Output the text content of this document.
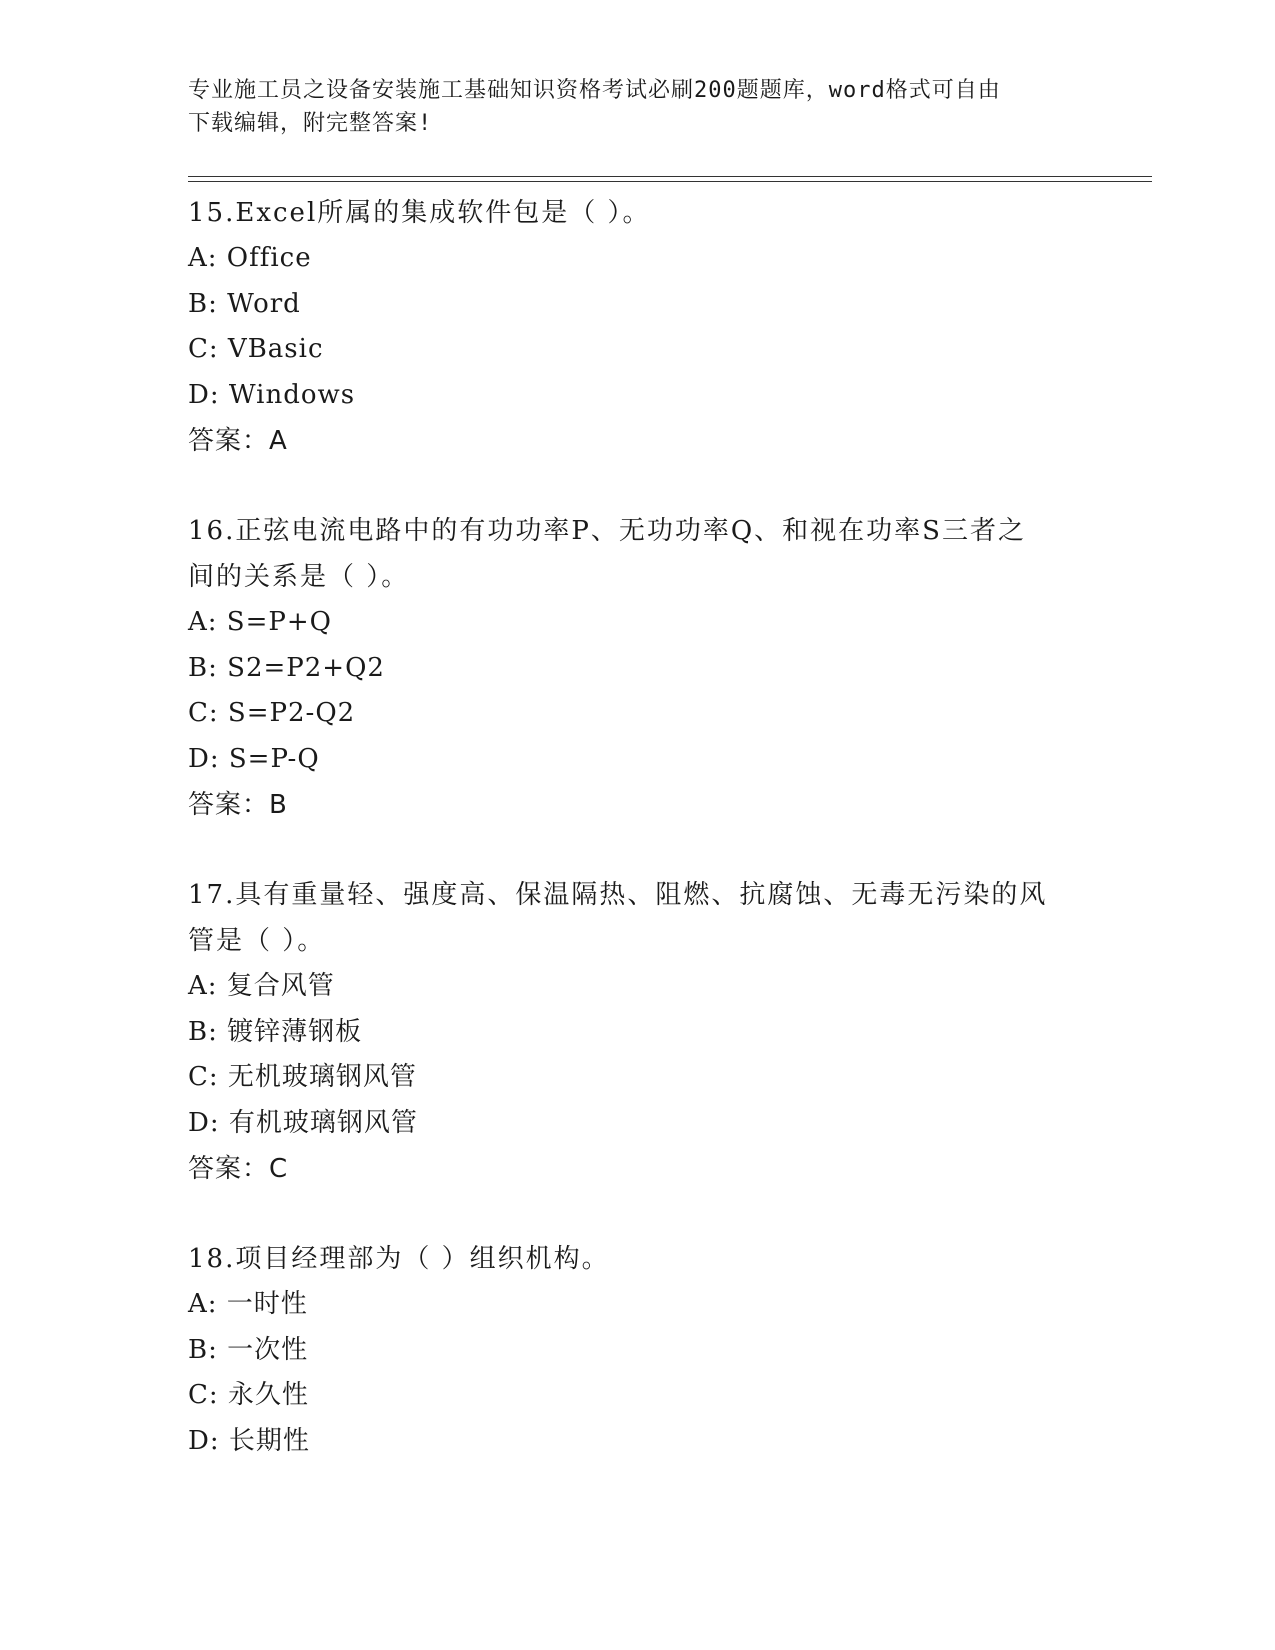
专业施工员之设备安装施工基础知识资格考试必刷200题题库，word格式可自由
下载编辑，附完整答案!
15.Excel所属的集成软件包是（ ）。
A: Office
B: Word
C: VBasic
D: Windows
答案：A
16.正弦电流电路中的有功功率P、无功功率Q、和视在功率S三者之
间的关系是（ ）。
A: S=P+Q
B: S2=P2+Q2
C: S=P2-Q2
D: S=P-Q
答案：B
17.具有重量轻、强度高、保温隔热、阻燃、抗腐蚀、无毒无污染的风
管是（ ）。
A: 复合风管
B: 镀锌薄钢板
C: 无机玻璃钢风管
D: 有机玻璃钢风管
答案：C
18.项目经理部为（ ）组织机构。
A: 一时性
B: 一次性
C: 永久性
D: 长期性
